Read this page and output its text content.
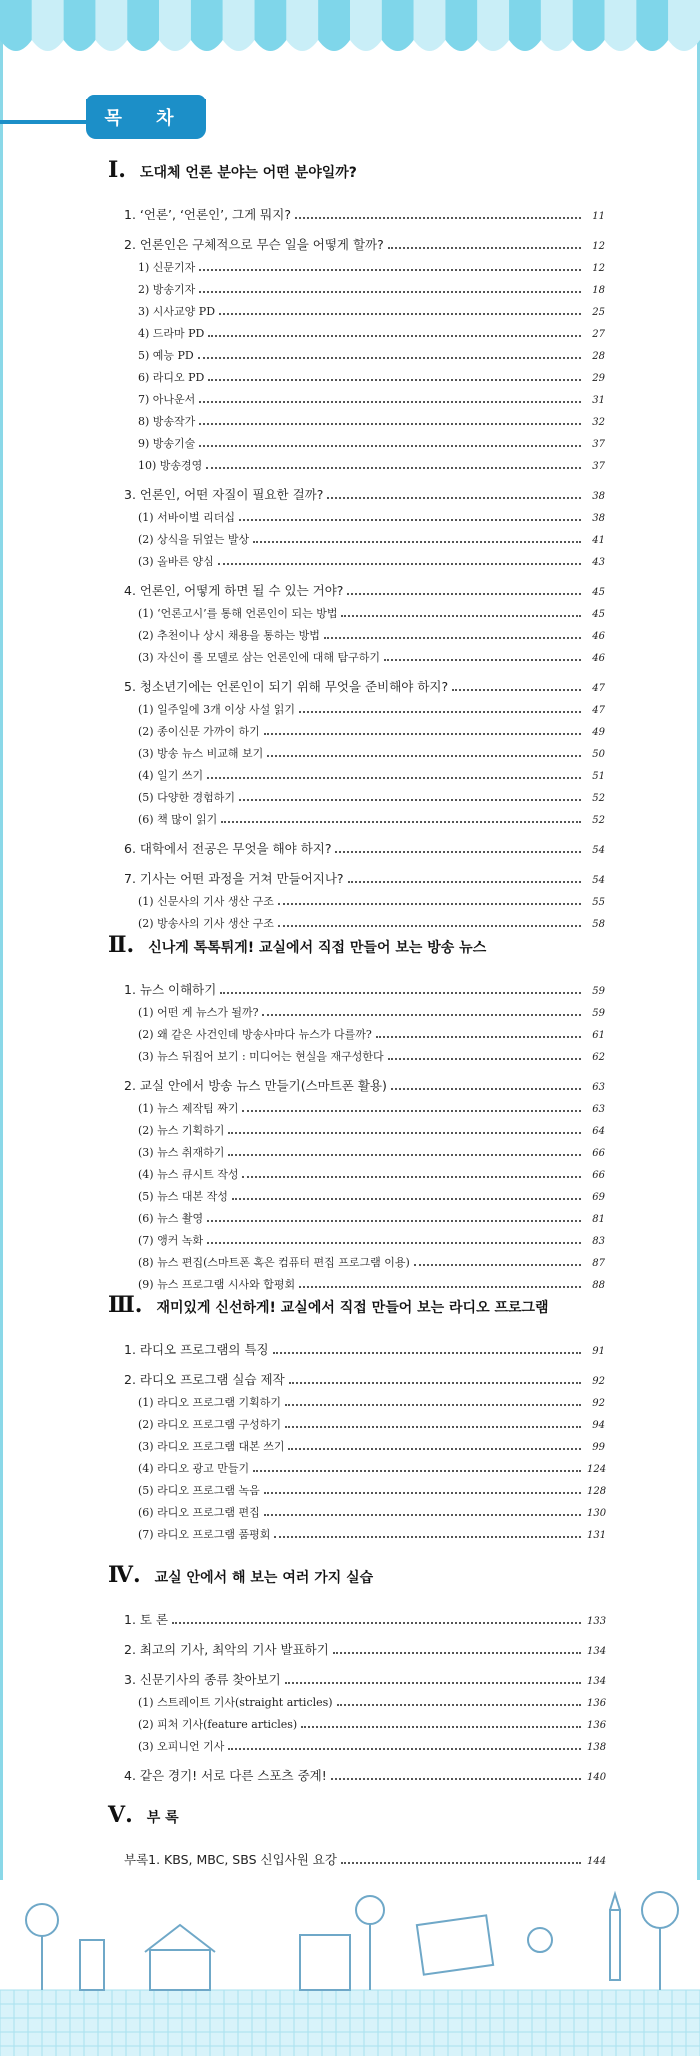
목 차
Ⅰ. 도대체 언론 분야는 어떤 분야일까?
1. ‘언론’, ‘언론인’, 그게 뭐지?	11
2. 언론인은 구체적으로 무슨 일을 어떻게 할까?	12
1) 신문기자	12
2) 방송기자	18
3) 시사교양 PD	25
4) 드라마 PD	27
5) 예능 PD	28
6) 라디오 PD	29
7) 아나운서	31
8) 방송작가	32
9) 방송기술	37
10) 방송경영	37
3. 언론인, 어떤 자질이 필요한 걸까?	38
(1) 서바이벌 리더십	38
(2) 상식을 뒤엎는 발상	41
(3) 올바른 양심	43
4. 언론인, 어떻게 하면 될 수 있는 거야?	45
(1) ‘언론고시’를 통해 언론인이 되는 방법	45
(2) 추천이나 상시 채용을 통하는 방법	46
(3) 자신이 롤 모델로 삼는 언론인에 대해 탐구하기	46
5. 청소년기에는 언론인이 되기 위해 무엇을 준비해야 하지?	47
(1) 일주일에 3개 이상 사설 읽기	47
(2) 종이신문 가까이 하기	49
(3) 방송 뉴스 비교해 보기	50
(4) 일기 쓰기	51
(5) 다양한 경험하기	52
(6) 책 많이 읽기	52
6. 대학에서 전공은 무엇을 해야 하지?	54
7. 기사는 어떤 과정을 거쳐 만들어지나?	54
(1) 신문사의 기사 생산 구조	55
(2) 방송사의 기사 생산 구조	58
Ⅱ. 신나게 톡톡튀게! 교실에서 직접 만들어 보는 방송 뉴스
1. 뉴스 이해하기	59
(1) 어떤 게 뉴스가 될까?	59
(2) 왜 같은 사건인데 방송사마다 뉴스가 다를까?	61
(3) 뉴스 뒤집어 보기 : 미디어는 현실을 재구성한다	62
2. 교실 안에서 방송 뉴스 만들기(스마트폰 활용)	63
(1) 뉴스 제작팀 짜기	63
(2) 뉴스 기획하기	64
(3) 뉴스 취재하기	66
(4) 뉴스 큐시트 작성	66
(5) 뉴스 대본 작성	69
(6) 뉴스 촬영	81
(7) 앵커 녹화	83
(8) 뉴스 편집(스마트폰 혹은 컴퓨터 편집 프로그램 이용)	87
(9) 뉴스 프로그램 시사와 합평회	88
Ⅲ. 재미있게 신선하게! 교실에서 직접 만들어 보는 라디오 프로그램
1. 라디오 프로그램의 특징	91
2. 라디오 프로그램 실습 제작	92
(1) 라디오 프로그램 기획하기	92
(2) 라디오 프로그램 구성하기	94
(3) 라디오 프로그램 대본 쓰기	99
(4) 라디오 광고 만들기	124
(5) 라디오 프로그램 녹음	128
(6) 라디오 프로그램 편집	130
(7) 라디오 프로그램 품평회	131
Ⅳ. 교실 안에서 해 보는 여러 가지 실습
1. 토 론	133
2. 최고의 기사, 최악의 기사 발표하기	134
3. 신문기사의 종류 찾아보기	134
(1) 스트레이트 기사(straight articles)	136
(2) 피처 기사(feature articles)	136
(3) 오피니언 기사	138
4. 같은 경기! 서로 다른 스포츠 중계!	140
Ⅴ. 부 록
부록1. KBS, MBC, SBS 신입사원 요강	144
